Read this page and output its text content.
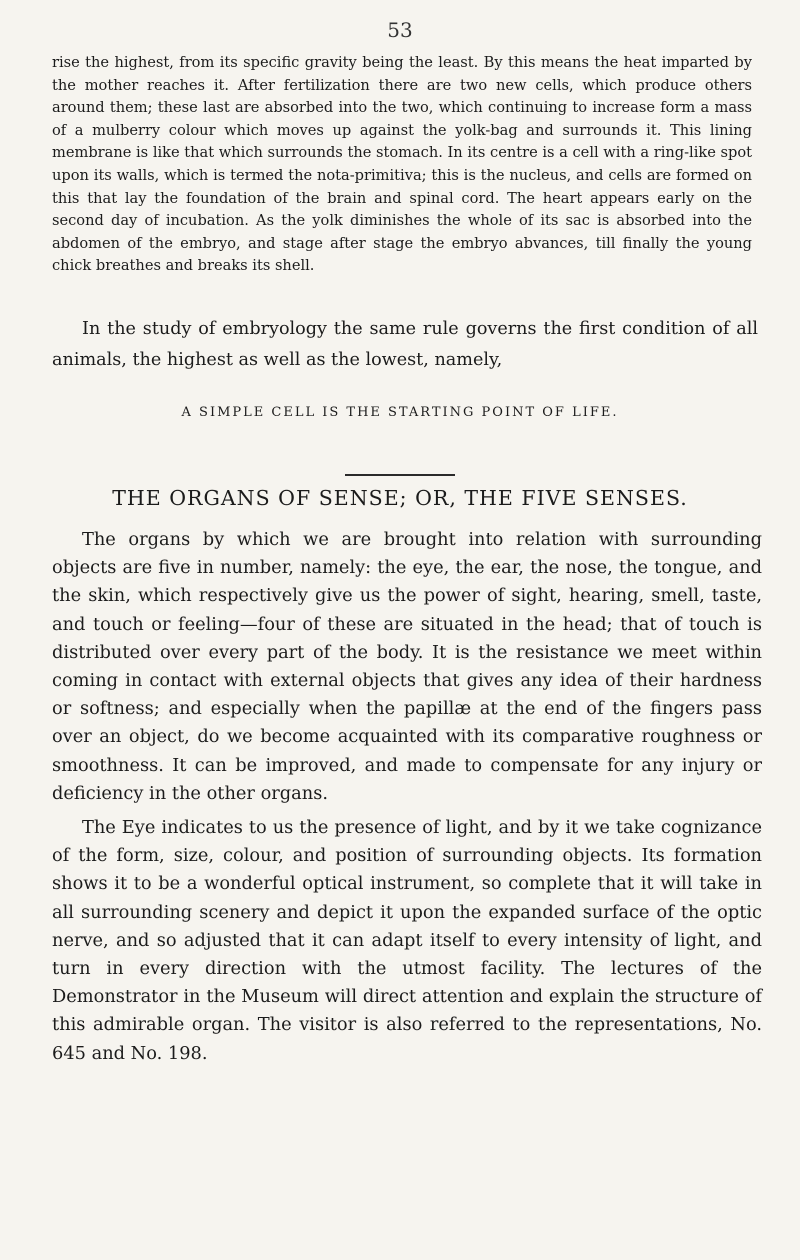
53

rise the highest, from its specific gravity being the least. By this means the heat imparted by the mother reaches it. After fertilization there are two new cells, which produce others around them; these last are absorbed into the two, which continuing to increase form a mass of a mulberry colour which moves up against the yolk-bag and surrounds it. This lining membrane is like that which surrounds the stomach. In its centre is a cell with a ring-like spot upon its walls, which is termed the nota-primitiva; this is the nucleus, and cells are formed on this that lay the foundation of the brain and spinal cord. The heart appears early on the second day of incubation. As the yolk diminishes the whole of its sac is absorbed into the abdomen of the embryo, and stage after stage the embryo abvances, till finally the young chick breathes and breaks its shell.

In the study of embryology the same rule governs the first condition of all animals, the highest as well as the lowest, namely,

A SIMPLE CELL IS THE STARTING POINT OF LIFE.
THE ORGANS OF SENSE; OR, THE FIVE SENSES.

The organs by which we are brought into relation with surrounding objects are five in number, namely: the eye, the ear, the nose, the tongue, and the skin, which respectively give us the power of sight, hearing, smell, taste, and touch or feeling—four of these are situated in the head; that of touch is distributed over every part of the body. It is the resistance we meet within coming in contact with external objects that gives any idea of their hardness or softness; and especially when the papillæ at the end of the fingers pass over an object, do we become acquainted with its comparative roughness or smoothness. It can be improved, and made to compensate for any injury or deficiency in the other organs.

The Eye indicates to us the presence of light, and by it we take cognizance of the form, size, colour, and position of surrounding objects. Its formation shows it to be a wonderful optical instrument, so complete that it will take in all surrounding scenery and depict it upon the expanded surface of the optic nerve, and so adjusted that it can adapt itself to every intensity of light, and turn in every direction with the utmost facility. The lectures of the Demonstrator in the Museum will direct attention and explain the structure of this admirable organ. The visitor is also referred to the representations, No. 645 and No. 198.
